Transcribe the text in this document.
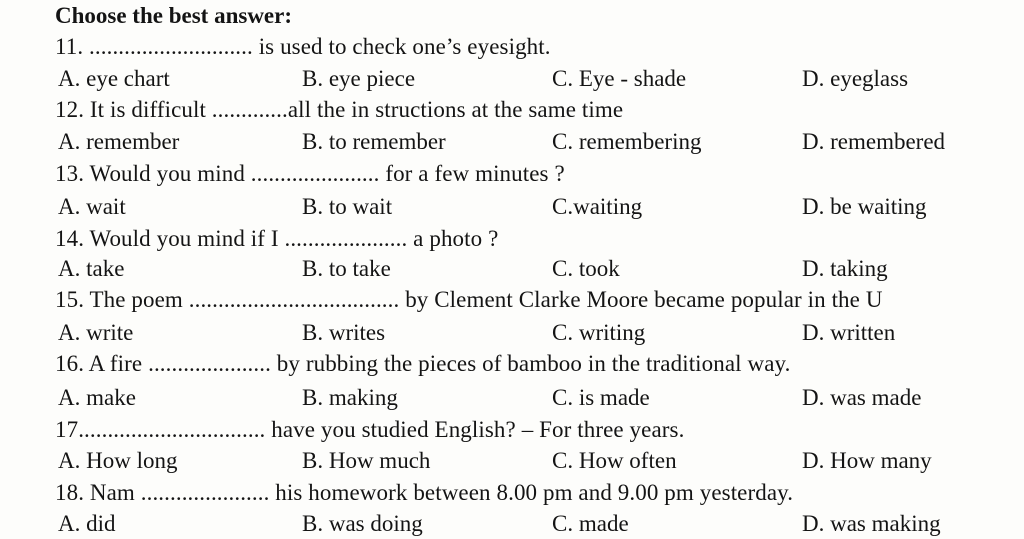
Choose the best answer:
11. ............................ is used to check one’s eyesight.
A. eye chart	B. eye piece	C. Eye - shade	D. eyeglass
12. It is difficult .............all the in structions at the same time
A. remember	B. to remember	C. remembering	D. remembered
13. Would you mind ...................... for a few minutes ?
A. wait	B. to wait	C.waiting	D. be waiting
14. Would you mind if I ..................... a photo ?
A. take	B. to take	C. took	D. taking
15. The poem .................................... by Clement Clarke Moore became popular in the U
A. write	B. writes	C. writing	D. written
16. A fire ..................... by rubbing the pieces of bamboo in the traditional way.
A. make	B. making	C. is made	D. was made
17................................ have you studied English? – For three years.
A. How long	B. How much	C. How often	D. How many
18. Nam ...................... his homework between 8.00 pm and 9.00 pm yesterday.
A. did	B. was doing	C. made	D. was making
